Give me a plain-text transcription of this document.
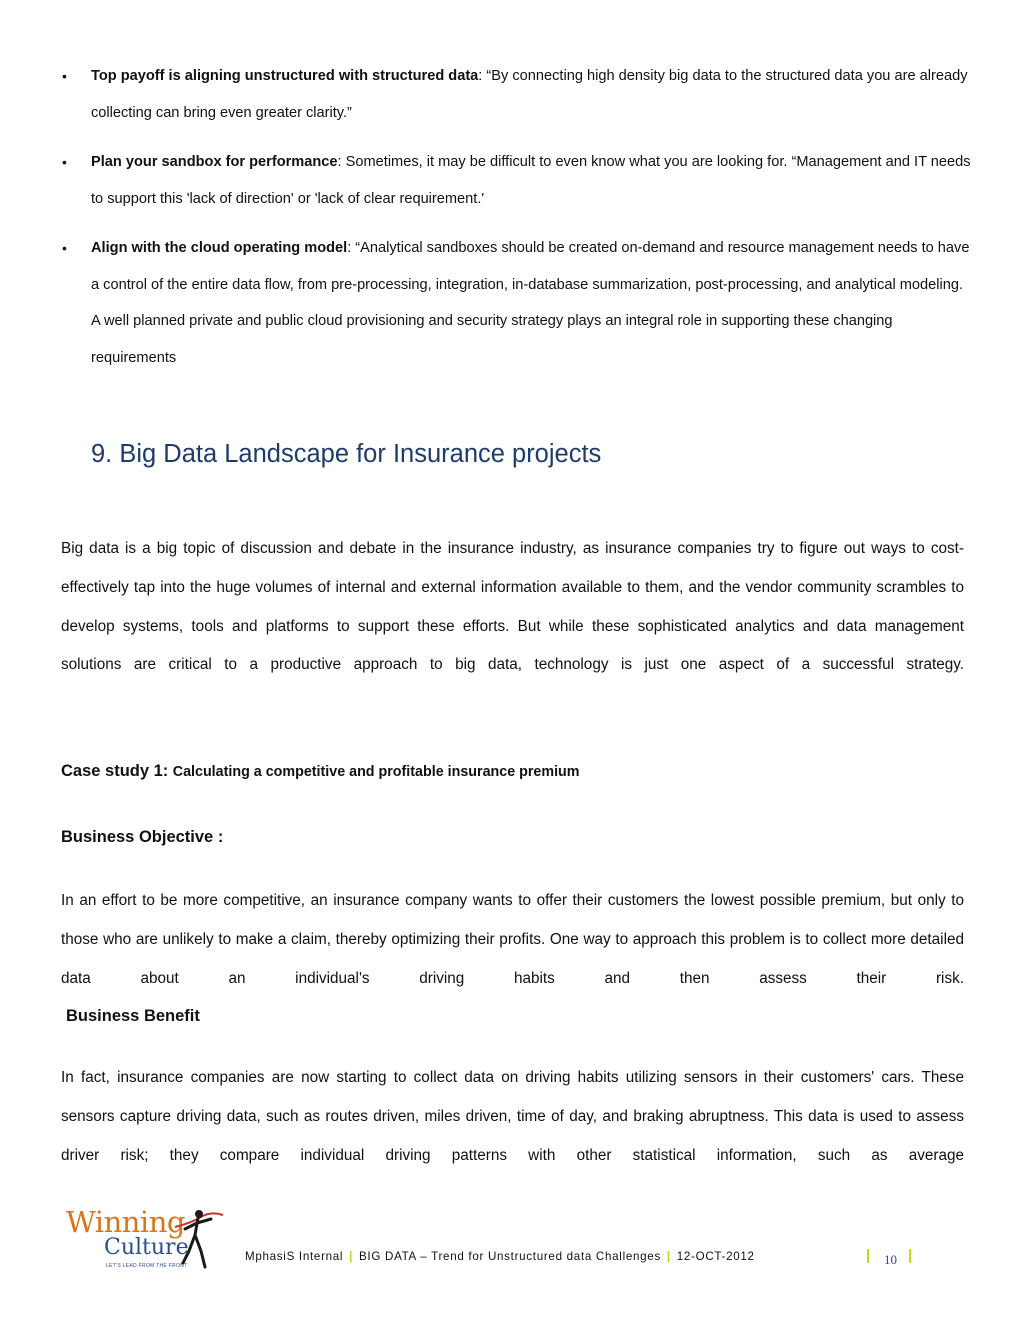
• Top payoff is aligning unstructured with structured data: “By connecting high density big data to the structured data you are already collecting can bring even greater clarity.”
• Plan your sandbox for performance: Sometimes, it may be difficult to even know what you are looking for. “Management and IT needs to support this 'lack of direction' or 'lack of clear requirement.'
• Align with the cloud operating model: “Analytical sandboxes should be created on-demand and resource management needs to have a control of the entire data flow, from pre-processing, integration, in-database summarization, post-processing, and analytical modeling. A well planned private and public cloud provisioning and security strategy plays an integral role in supporting these changing requirements
9. Big Data Landscape for Insurance projects

Big data is a big topic of discussion and debate in the insurance industry, as insurance companies try to figure out ways to cost-effectively tap into the huge volumes of internal and external information available to them, and the vendor community scrambles to develop systems, tools and platforms to support these efforts. But while these sophisticated analytics and data management solutions are critical to a productive approach to big data, technology is just one aspect of a successful strategy.

Case study 1: Calculating a competitive and profitable insurance premium
Business Objective :

In an effort to be more competitive, an insurance company wants to offer their customers the lowest possible premium, but only to those who are unlikely to make a claim, thereby optimizing their profits. One way to approach this problem is to collect more detailed data about an individual's driving habits and then assess their risk.

Business Benefit

In fact, insurance companies are now starting to collect data on driving habits utilizing sensors in their customers' cars. These sensors capture driving data, such as routes driven, miles driven, time of day, and braking abruptness. This data is used to assess driver risk; they compare individual driving patterns with other statistical information, such as average

Winning
Culture
LET'S LEAD FROM THE FRONT
MphasiS Internal | BIG DATA – Trend for Unstructured data Challenges | 12-OCT-2012	| 10 |
